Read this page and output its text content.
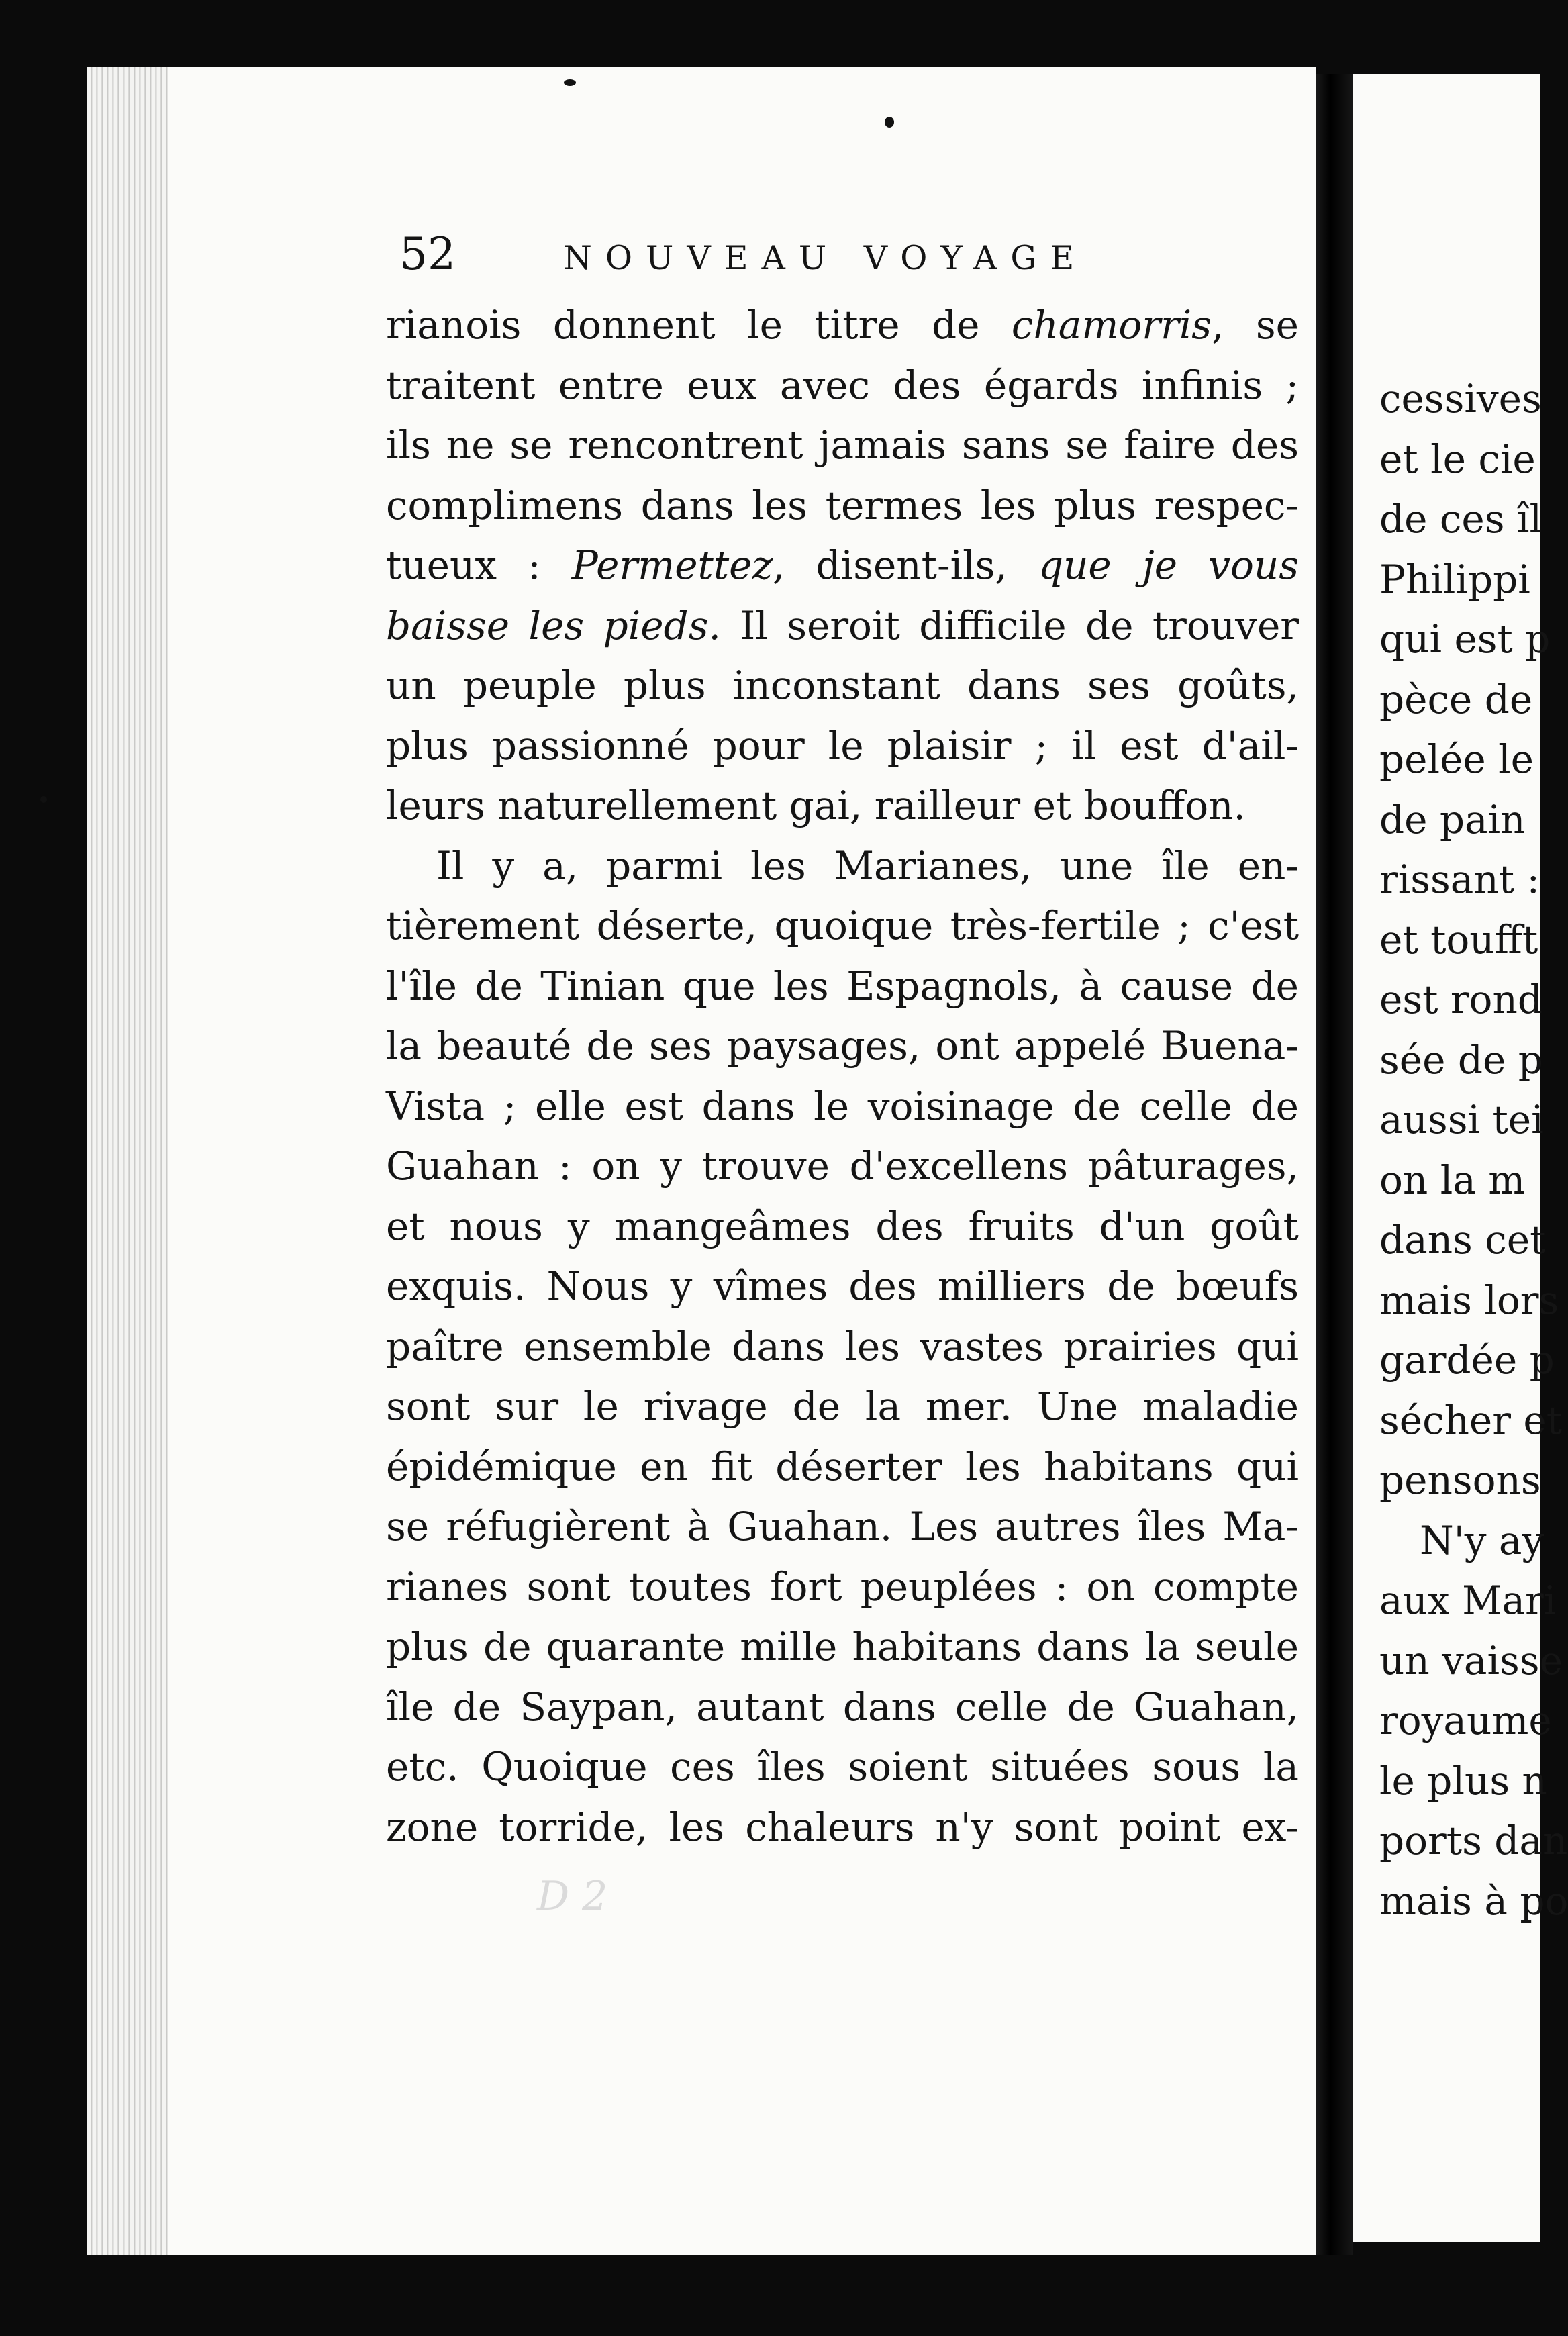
52	NOUVEAU VOYAGE
rianois donnent le titre de chamorris, se
traitent entre eux avec des égards infinis ;
ils ne se rencontrent jamais sans se faire des
complimens dans les termes les plus respec-
tueux : Permettez, disent-ils, que je vous
baisse les pieds. Il seroit difficile de trouver
un peuple plus inconstant dans ses goûts,
plus passionné pour le plaisir ; il est d'ail-
leurs naturellement gai, railleur et bouffon.
Il y a, parmi les Marianes, une île en-
tièrement déserte, quoique très-fertile ; c'est
l'île de Tinian que les Espagnols, à cause de
la beauté de ses paysages, ont appelé Buena-
Vista ; elle est dans le voisinage de celle de
Guahan : on y trouve d'excellens pâturages,
et nous y mangeâmes des fruits d'un goût
exquis. Nous y vîmes des milliers de bœufs
paître ensemble dans les vastes prairies qui
sont sur le rivage de la mer. Une maladie
épidémique en fit déserter les habitans qui
se réfugièrent à Guahan. Les autres îles Ma-
rianes sont toutes fort peuplées : on compte
plus de quarante mille habitans dans la seule
île de Saypan, autant dans celle de Guahan,
etc. Quoique ces îles soient situées sous la
zone torride, les chaleurs n'y sont point ex-
D 2
cessives
et le cie
de ces îl
Philippi
qui est p
pèce de
pelée le
de pain
rissant :
et toufft
est rond
sée de p
aussi tei
on la m
dans cet
mais lors
gardée p
sécher et
pensons
N'y ay
aux Mari
un vaisse
royaume
le plus n
ports dan
mais à po
